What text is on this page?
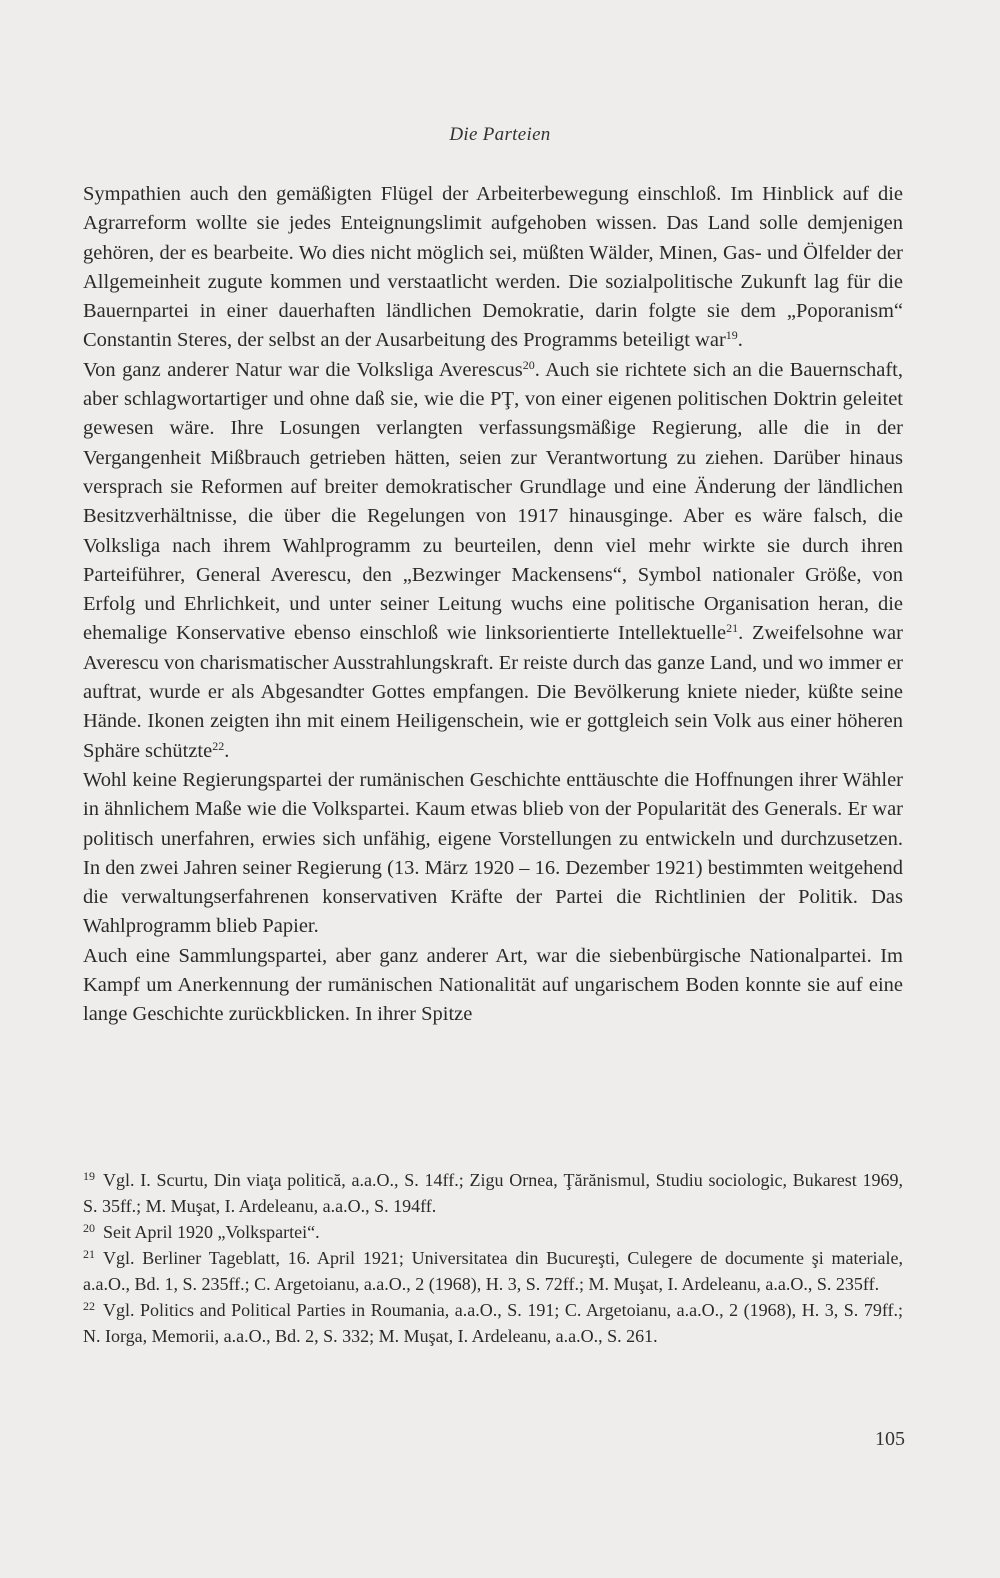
Die Parteien

Sympathien auch den gemäßigten Flügel der Arbeiterbewegung einschloß. Im Hinblick auf die Agrarreform wollte sie jedes Enteignungslimit aufgehoben wissen. Das Land solle demjenigen gehören, der es bearbeite. Wo dies nicht möglich sei, müßten Wälder, Minen, Gas- und Ölfelder der Allgemeinheit zugute kommen und verstaatlicht werden. Die sozialpolitische Zukunft lag für die Bauernpartei in einer dauerhaften ländlichen Demokratie, darin folgte sie dem „Poporanism“ Constantin Steres, der selbst an der Ausarbeitung des Programms beteiligt war$^{19}$.

Von ganz anderer Natur war die Volksliga Averescus$^{20}$. Auch sie richtete sich an die Bauernschaft, aber schlagwortartiger und ohne daß sie, wie die PŢ, von einer eigenen politischen Doktrin geleitet gewesen wäre. Ihre Losungen verlangten verfassungsmäßige Regierung, alle die in der Vergangenheit Mißbrauch getrieben hätten, seien zur Verantwortung zu ziehen. Darüber hinaus versprach sie Reformen auf breiter demokratischer Grundlage und eine Änderung der ländlichen Besitzverhältnisse, die über die Regelungen von 1917 hinausginge. Aber es wäre falsch, die Volksliga nach ihrem Wahlprogramm zu beurteilen, denn viel mehr wirkte sie durch ihren Parteiführer, General Averescu, den „Bezwinger Mackensens“, Symbol nationaler Größe, von Erfolg und Ehrlichkeit, und unter seiner Leitung wuchs eine politische Organisation heran, die ehemalige Konservative ebenso einschloß wie linksorientierte Intellektuelle$^{21}$. Zweifelsohne war Averescu von charismatischer Ausstrahlungskraft. Er reiste durch das ganze Land, und wo immer er auftrat, wurde er als Abgesandter Gottes empfangen. Die Bevölkerung kniete nieder, küßte seine Hände. Ikonen zeigten ihn mit einem Heiligenschein, wie er gottgleich sein Volk aus einer höheren Sphäre schützte$^{22}$.

Wohl keine Regierungspartei der rumänischen Geschichte enttäuschte die Hoffnungen ihrer Wähler in ähnlichem Maße wie die Volkspartei. Kaum etwas blieb von der Popularität des Generals. Er war politisch unerfahren, erwies sich unfähig, eigene Vorstellungen zu entwickeln und durchzusetzen. In den zwei Jahren seiner Regierung (13. März 1920 – 16. Dezember 1921) bestimmten weitgehend die verwaltungserfahrenen konservativen Kräfte der Partei die Richtlinien der Politik. Das Wahlprogramm blieb Papier.

Auch eine Sammlungspartei, aber ganz anderer Art, war die siebenbürgische Nationalpartei. Im Kampf um Anerkennung der rumänischen Nationalität auf ungarischem Boden konnte sie auf eine lange Geschichte zurückblicken. In ihrer Spitze

$^{19}$ Vgl. I. Scurtu, Din viaţa politică, a.a.O., S. 14ff.; Zigu Ornea, Ţărănismul, Studiu sociologic, Bukarest 1969, S. 35ff.; M. Muşat, I. Ardeleanu, a.a.O., S. 194ff.

$^{20}$ Seit April 1920 „Volkspartei“.

$^{21}$ Vgl. Berliner Tageblatt, 16. April 1921; Universitatea din Bucureşti, Culegere de documente şi materiale, a.a.O., Bd. 1, S. 235ff.; C. Argetoianu, a.a.O., 2 (1968), H. 3, S. 72ff.; M. Muşat, I. Ardeleanu, a.a.O., S. 235ff.

$^{22}$ Vgl. Politics and Political Parties in Roumania, a.a.O., S. 191; C. Argetoianu, a.a.O., 2 (1968), H. 3, S. 79ff.; N. Iorga, Memorii, a.a.O., Bd. 2, S. 332; M. Muşat, I. Ardeleanu, a.a.O., S. 261.

105
